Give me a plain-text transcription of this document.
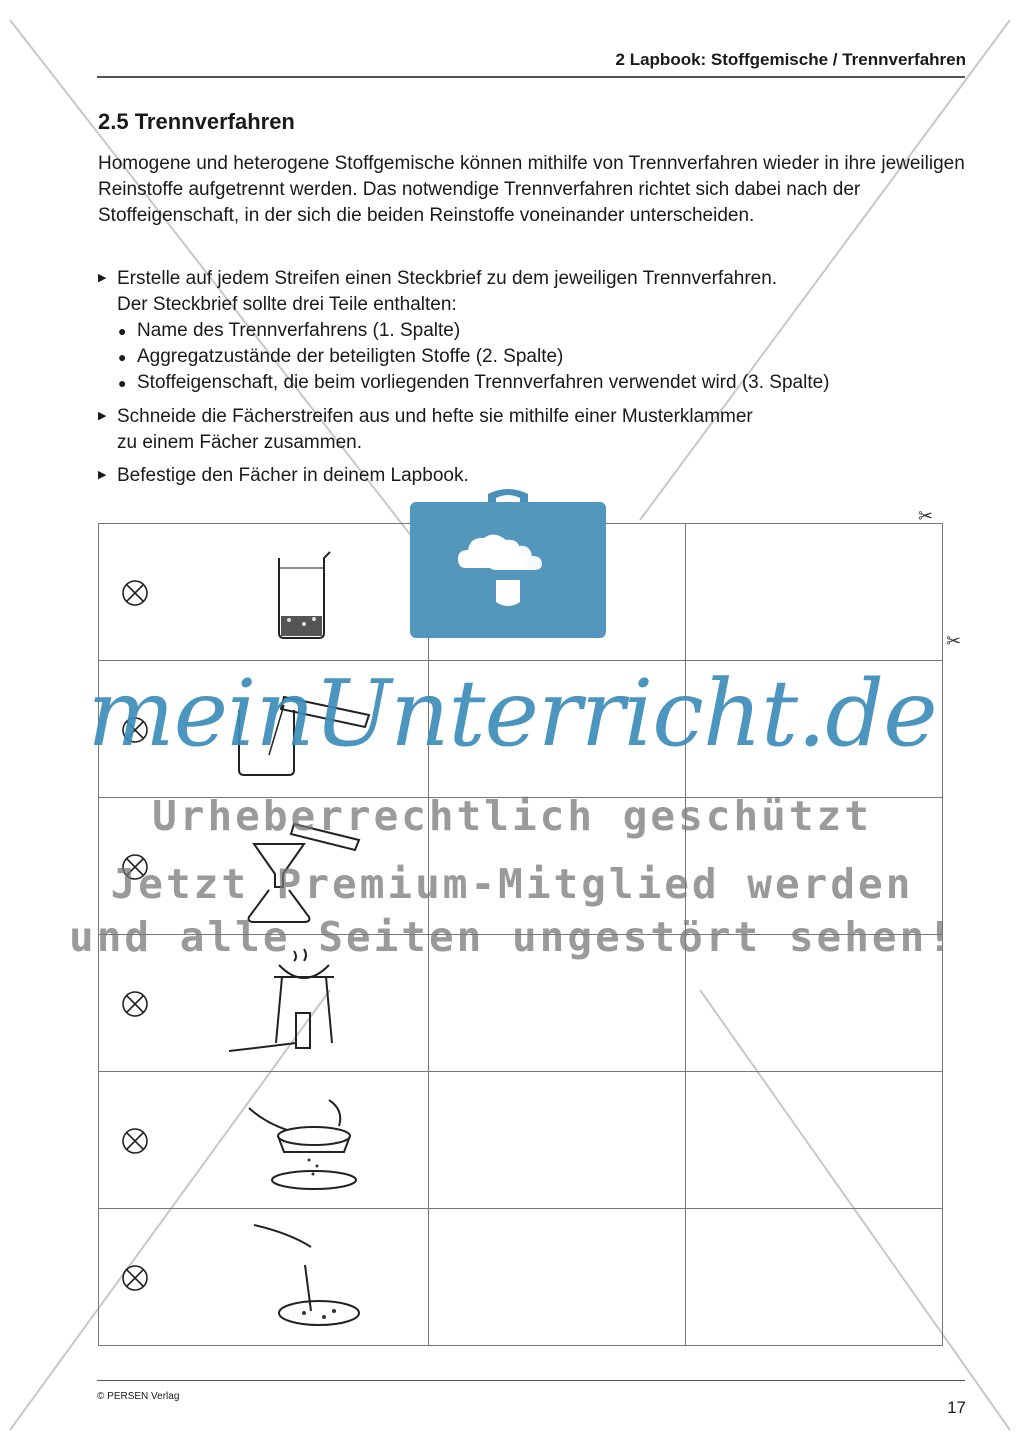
2 Lapbook: Stoffgemische / Trennverfahren
2.5 Trennverfahren
Homogene und heterogene Stoffgemische können mithilfe von Trennverfahren wieder in ihre jeweiligen Reinstoffe aufgetrennt werden. Das notwendige Trennverfahren richtet sich dabei nach der Stoffeigenschaft, in der sich die beiden Reinstoffe voneinander unterscheiden.
▶ Erstelle auf jedem Streifen einen Steckbrief zu dem jeweiligen Trennverfahren.
Der Steckbrief sollte drei Teile enthalten:
● Name des Trennverfahrens (1. Spalte)
● Aggregatzustände der beteiligten Stoffe (2. Spalte)
● Stoffeigenschaft, die beim vorliegenden Trennverfahren verwendet wird (3. Spalte)
▶ Schneide die Fächerstreifen aus und hefte sie mithilfe einer Musterklammer
zu einem Fächer zusammen.
▶ Befestige den Fächer in deinem Lapbook.
✂
✂

meinUnterricht.de
Urheberrechtlich geschützt
Jetzt Premium-Mitglied werden
und alle Seiten ungestört sehen!
© PERSEN Verlag
17
